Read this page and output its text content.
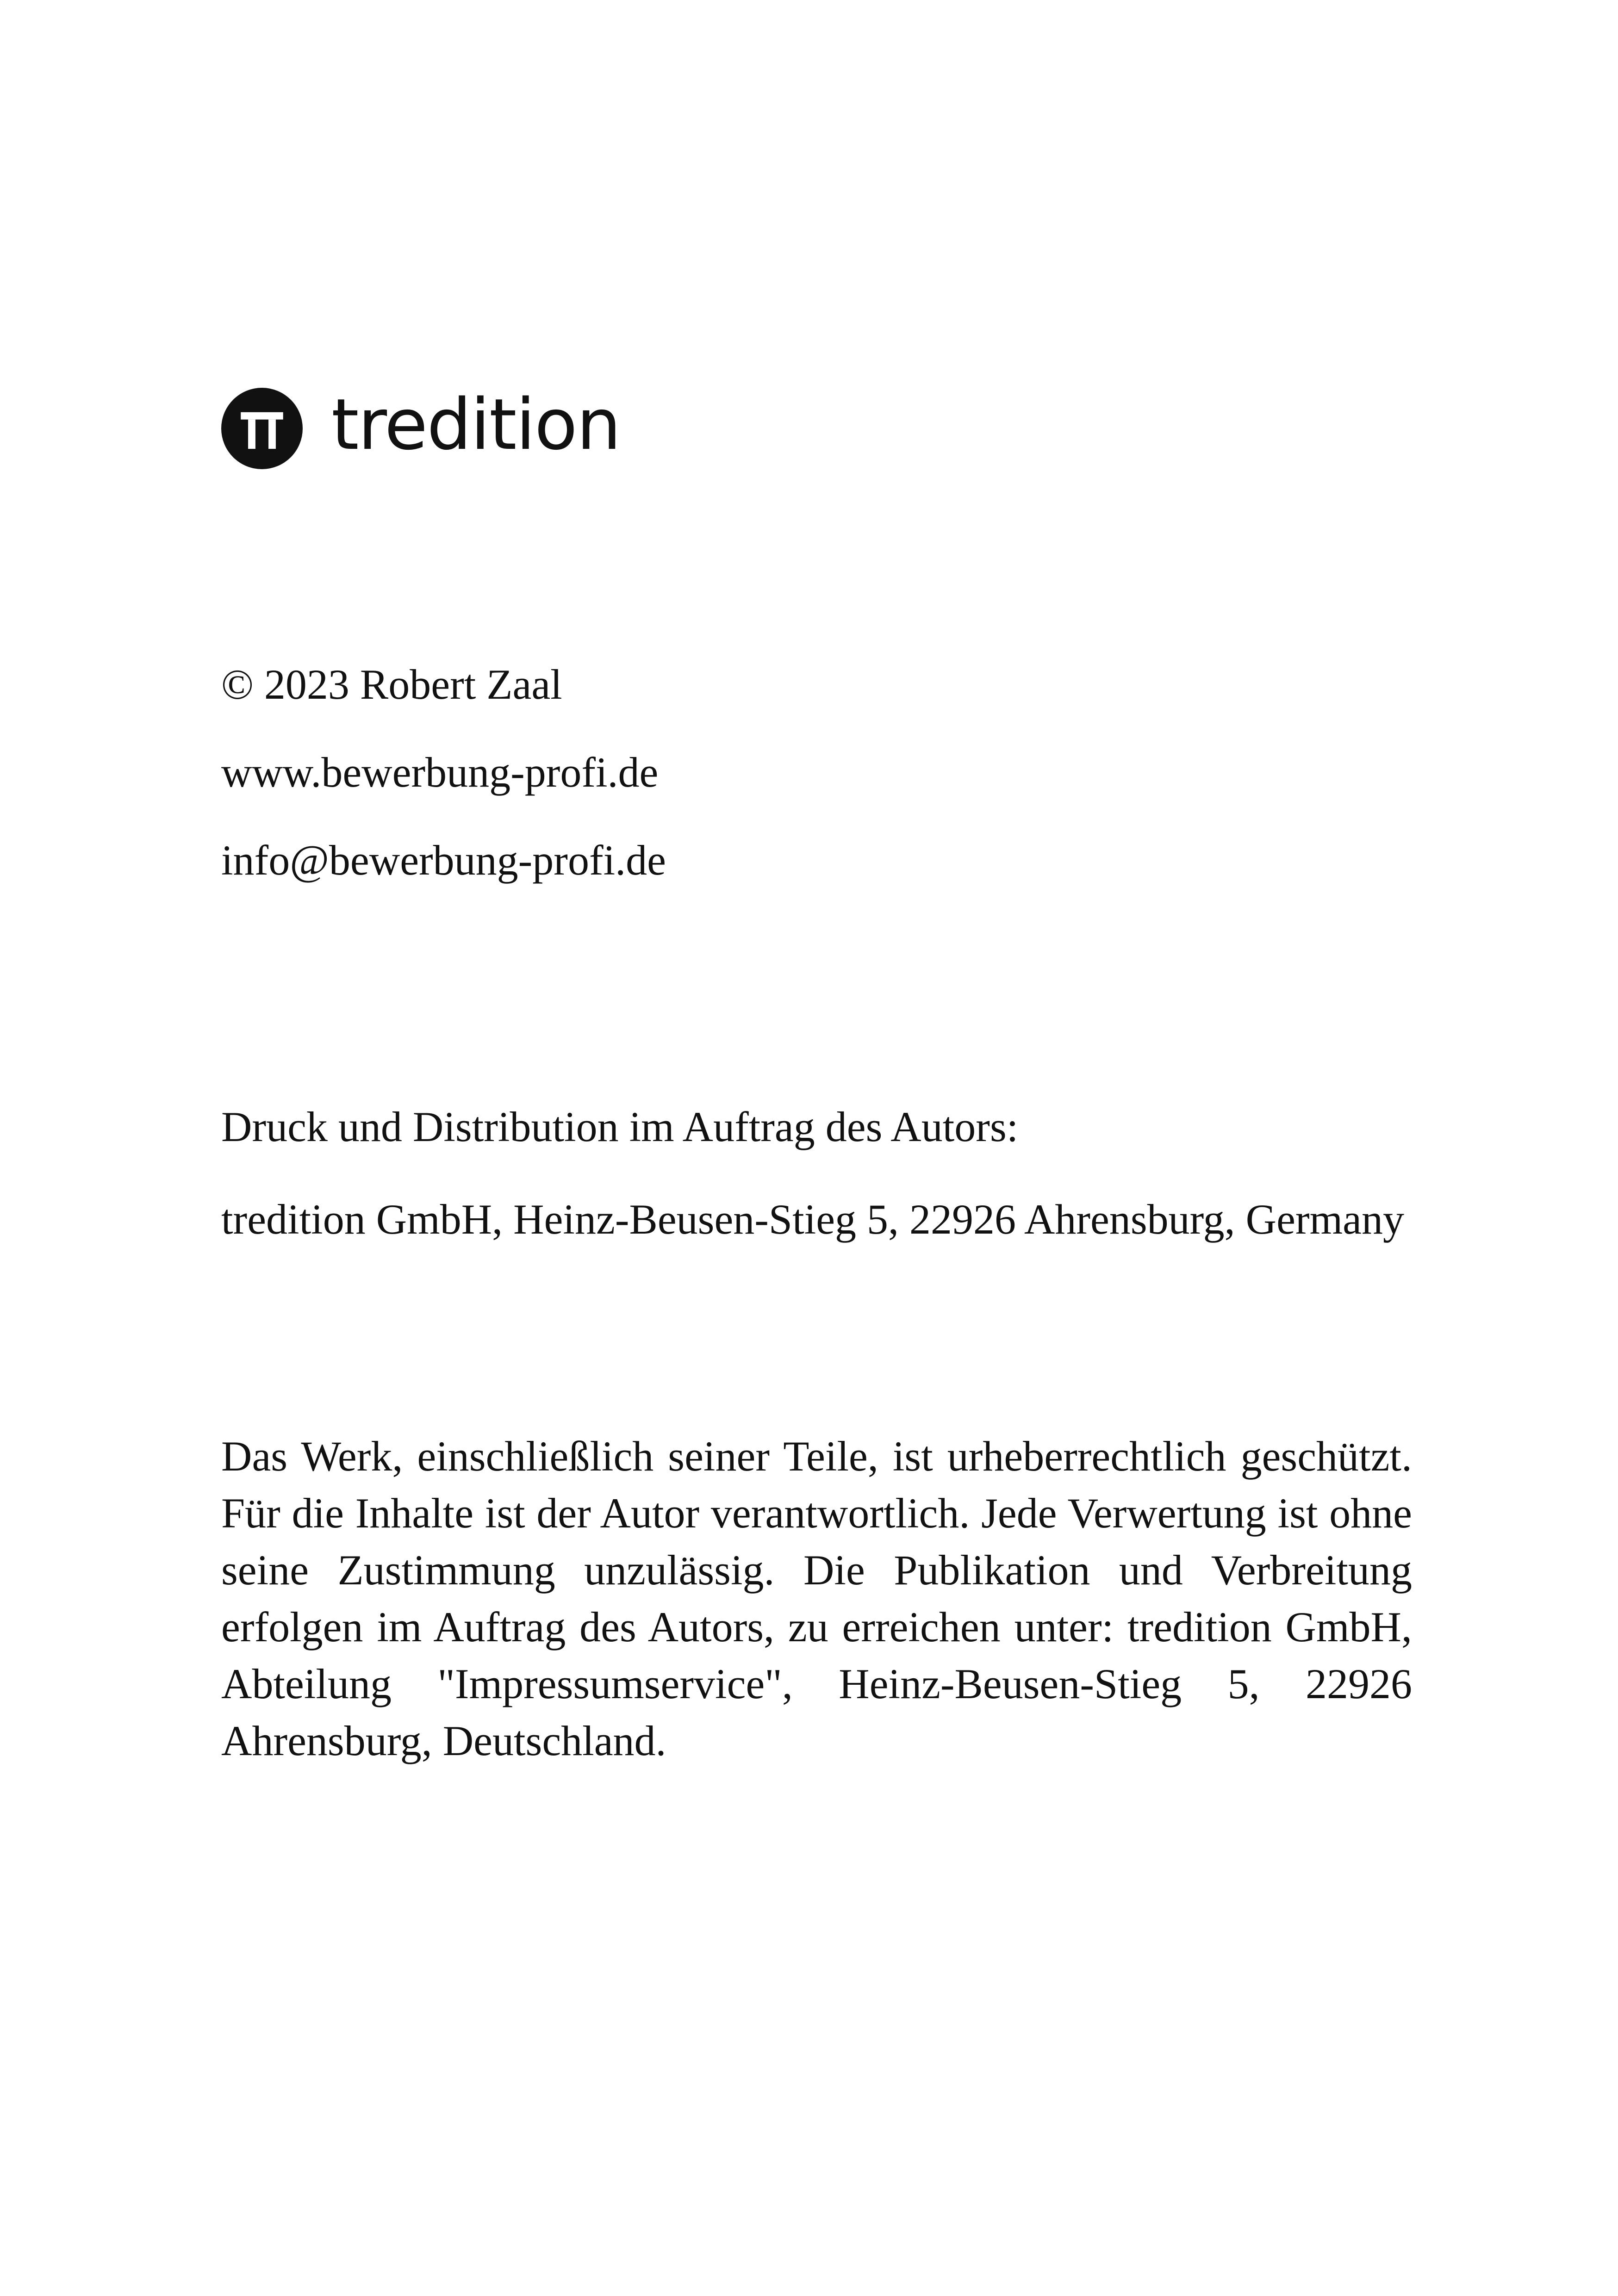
tredition
© 2023 Robert Zaal
www.bewerbung-profi.de
info@bewerbung-profi.de
Druck und Distribution im Auftrag des Autors:
tredition GmbH, Heinz-Beusen-Stieg 5, 22926 Ahrensburg, Germany
Das Werk, einschließlich seiner Teile, ist urheberrechtlich geschützt. Für die Inhalte ist der Autor verantwortlich. Jede Verwertung ist ohne seine Zustimmung unzulässig. Die Publikation und Verbreitung erfolgen im Auftrag des Autors, zu erreichen unter: tredition GmbH, Abteilung "Impressumservice", Heinz-Beusen-Stieg 5, 22926 Ahrensburg, Deutschland.
